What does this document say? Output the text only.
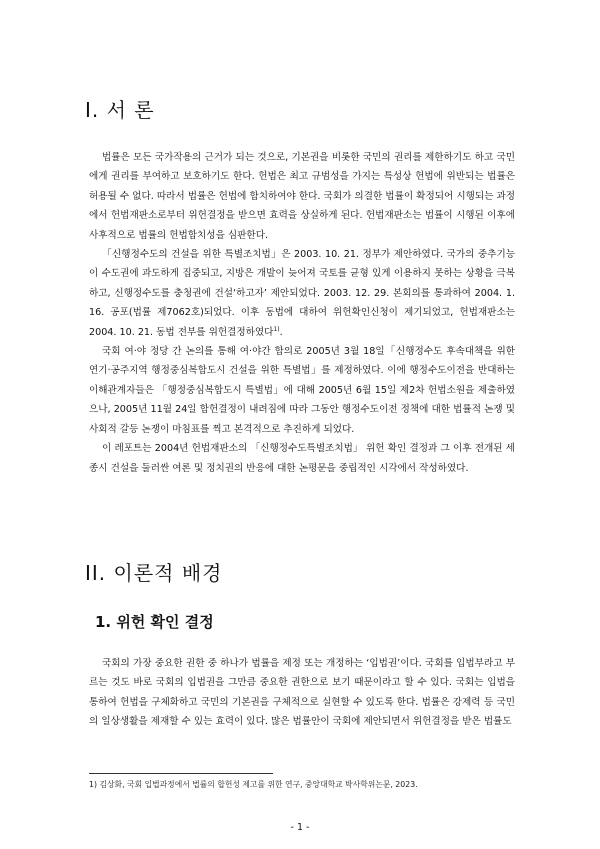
I. 서 론

법률은 모든 국가작용의 근거가 되는 것으로, 기본권을 비롯한 국민의 권리를 제한하기도 하고 국민에게 권리를 부여하고 보호하기도 한다. 헌법은 최고 규범성을 가지는 특성상 헌법에 위반되는 법률은 허용될 수 없다. 따라서 법률은 헌법에 합치하여야 한다. 국회가 의결한 법률이 확정되어 시행되는 과정에서 헌법재판소로부터 위헌결정을 받으면 효력을 상실하게 된다. 헌법재판소는 법률이 시행된 이후에 사후적으로 법률의 헌법합치성을 심판한다.

「신행정수도의 건설을 위한 특별조치법」은 2003. 10. 21. 정부가 제안하였다. 국가의 중추기능이 수도권에 과도하게 집중되고, 지방은 개발이 늦어져 국토를 균형 있게 이용하지 못하는 상황을 극복하고, 신행정수도를 충청권에 건설‘하고자’ 제안되었다. 2003. 12. 29. 본회의를 통과하여 2004. 1. 16. 공포(법률 제7062호)되었다. 이후 동법에 대하여 위헌확인신청이 제기되었고, 헌법재판소는 2004. 10. 21. 동법 전부를 위헌결정하였다$^{1)}$.

국회 여·야 정당 간 논의를 통해 여·야간 합의로 2005년 3월 18일「신행정수도 후속대책을 위한 연기·공주지역 행정중심복합도시 건설을 위한 특별법」를 제정하였다. 이에 행정수도이전을 반대하는 이해관계자들은 「행정중심복합도시 특별법」에 대해 2005년 6월 15일 제2차 헌법소원을 제출하였으나, 2005년 11월 24일 합헌결정이 내려짐에 따라 그동안 행정수도이전 정책에 대한 법률적 논쟁 및 사회적 갈등 논쟁이 마침표를 찍고 본격적으로 추진하게 되었다.

이 레포트는 2004년 헌법재판소의 「신행정수도특별조치법」 위헌 확인 결정과 그 이후 전개된 세종시 건설을 둘러싼 여론 및 정치권의 반응에 대한 논평문을 중립적인 시각에서 작성하였다.

II. 이론적 배경
1. 위헌 확인 결정

국회의 가장 중요한 권한 중 하나가 법률을 제정 또는 개정하는 ‘입법권’이다. 국회를 입법부라고 부르는 것도 바로 국회의 입법권을 그만큼 중요한 권한으로 보기 때문이라고 할 수 있다. 국회는 입법을 통하여 헌법을 구체화하고 국민의 기본권을 구체적으로 실현할 수 있도록 한다. 법률은 강제력 등 국민의 일상생활을 제재할 수 있는 효력이 있다. 많은 법률안이 국회에 제안되면서 위헌결정을 받은 법률도

1) 김상화, 국회 입법과정에서 법률의 합헌성 제고를 위한 연구, 중앙대학교 박사학위논문, 2023.
- 1 -
